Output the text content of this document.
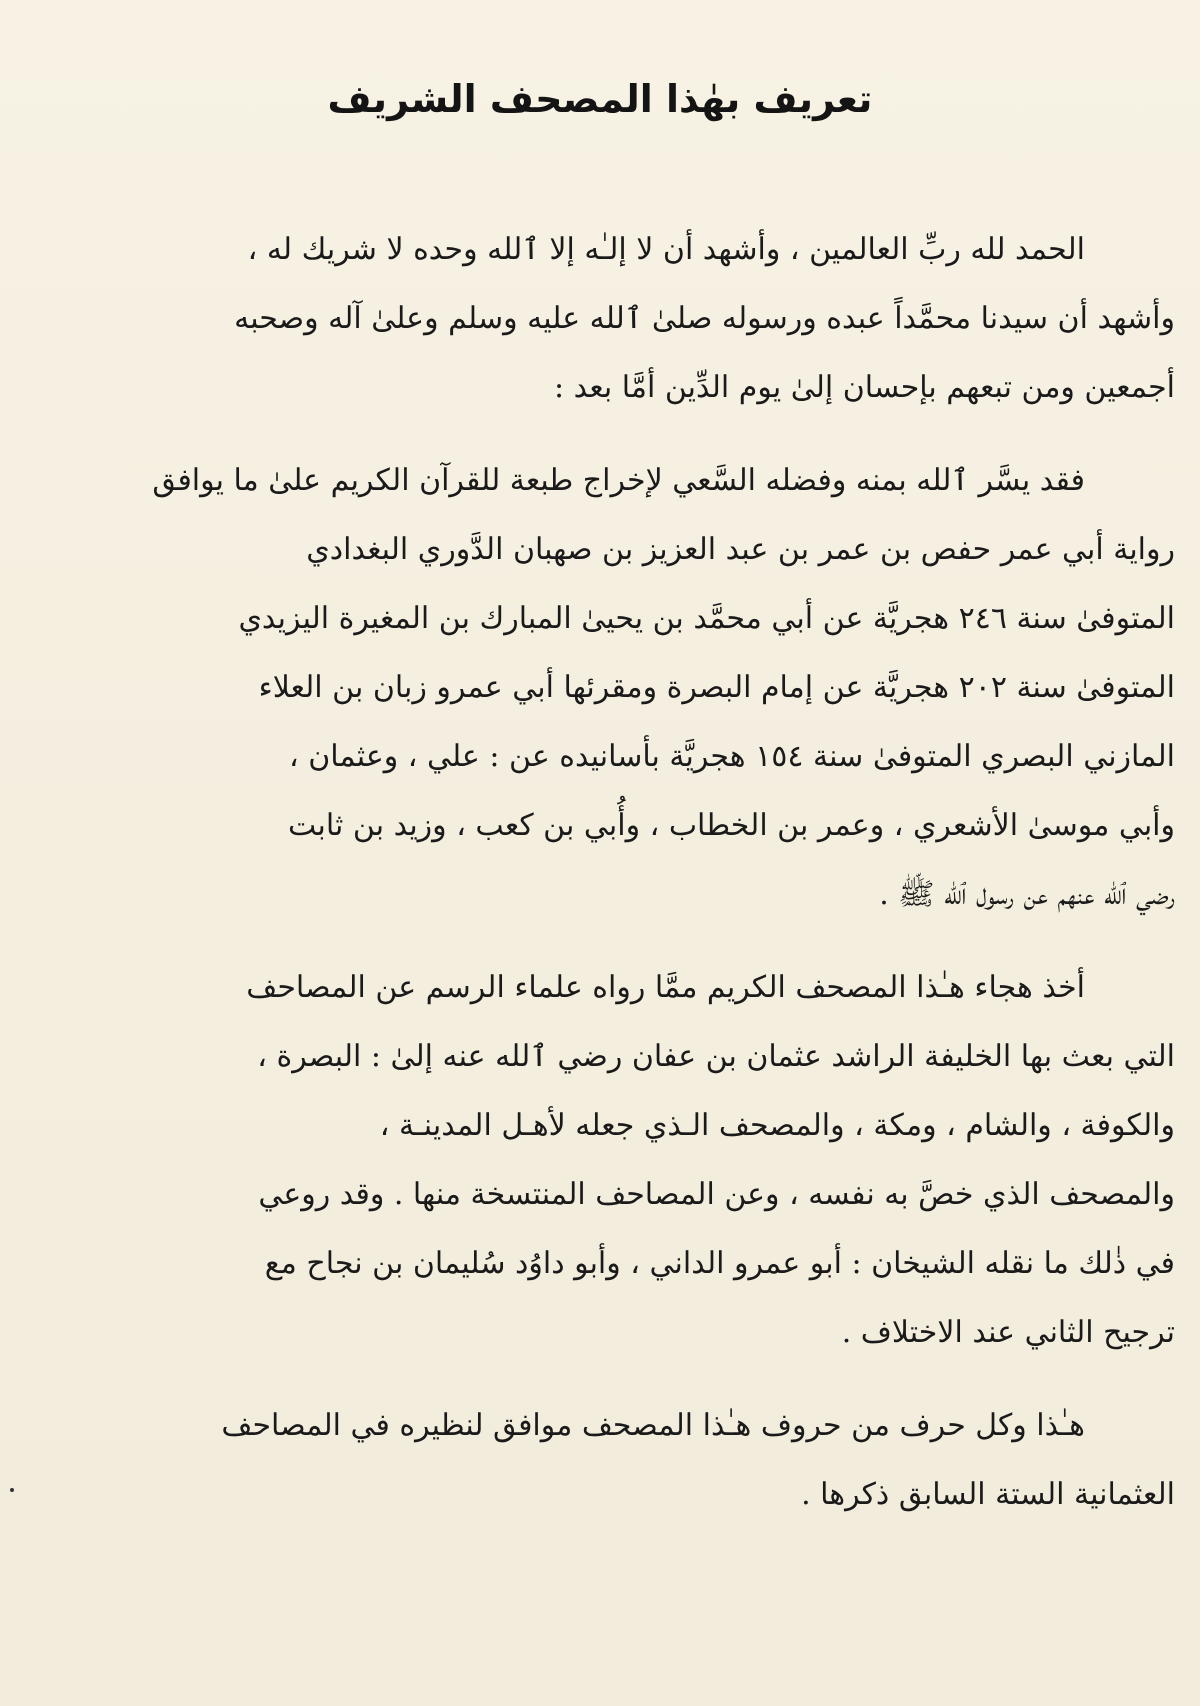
تعريف بهٰذا المصحف الشريف
الحمد لله ربِّ العالمين ، وأشهد أن لا إلـٰه إلا ٱلله وحده لا شريك له ،
وأشهد أن سيدنا محمَّداً عبده ورسوله صلىٰ ٱلله عليه وسلم وعلىٰ آله وصحبه
أجمعين ومن تبعهم بإحسان إلىٰ يوم الدِّين أمَّا بعد :
فقد يسَّر ٱلله بمنه وفضله السَّعي لإخراج طبعة للقرآن الكريم علىٰ ما يوافق
رواية أبي عمر حفص بن عمر بن عبد العزيز بن صهبان الدَّوري البغدادي
المتوفىٰ سنة ٢٤٦ هجريَّة عن أبي محمَّد بن يحيىٰ المبارك بن المغيرة اليزيدي
المتوفىٰ سنة ٢٠٢ هجريَّة عن إمام البصرة ومقرئها أبي عمرو زبان بن العلاء
المازني البصري المتوفىٰ سنة ١٥٤ هجريَّة بأسانيده عن : علي ، وعثمان ،
وأبي موسىٰ الأشعري ، وعمر بن الخطاب ، وأُبي بن كعب ، وزيد بن ثابت
رضي ٱلله عنهم عن رسول ٱلله ﷺ .
أخذ هجاء هـٰذا المصحف الكريم ممَّا رواه علماء الرسم عن المصاحف
التي بعث بها الخليفة الراشد عثمان بن عفان رضي ٱلله عنه إلىٰ : البصرة ،
والكوفة ، والشام ، ومكة ، والمصحف الـذي جعله لأهـل المدينـة ،
والمصحف الذي خصَّ به نفسه ، وعن المصاحف المنتسخة منها . وقد روعي
في ذٰلك ما نقله الشيخان : أبو عمرو الداني ، وأبو داوُد سُليمان بن نجاح مع
ترجيح الثاني عند الاختلاف .
هـٰذا وكل حرف من حروف هـٰذا المصحف موافق لنظيره في المصاحف
العثمانية الستة السابق ذكرها .
